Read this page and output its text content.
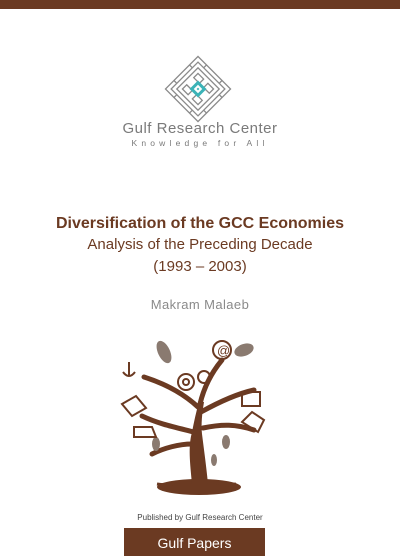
Gulf Research Center
Knowledge for All
Diversification of the GCC Economies
Analysis of the Preceding Decade
(1993 – 2003)
Makram Malaeb
@
Published by Gulf Research Center
Gulf Papers
